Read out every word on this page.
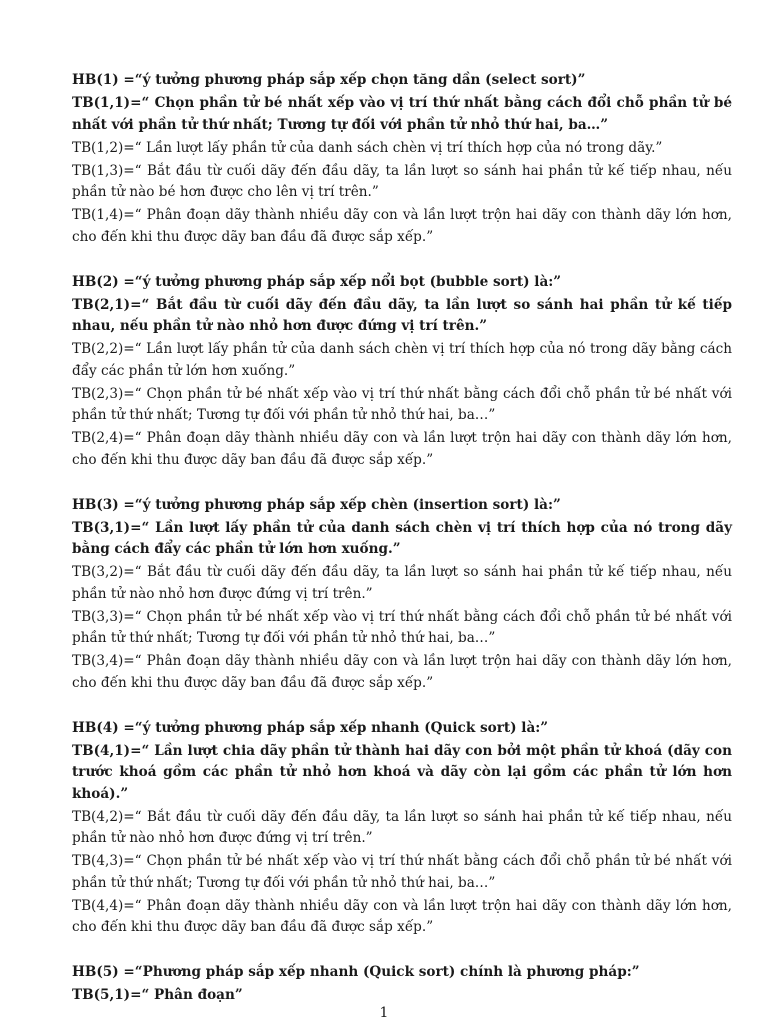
HB(1) =“ý tưởng phương pháp sắp xếp chọn tăng dần (select sort)”

TB(1,1)=“ Chọn phần tử bé nhất xếp vào vị trí thứ nhất bằng cách đổi chỗ phần tử bé nhất với phần tử thứ nhất; Tương tự đối với phần tử nhỏ thứ hai, ba…”

TB(1,2)=“ Lần lượt lấy phần tử của danh sách chèn vị trí thích hợp của nó trong dãy.”

TB(1,3)=“ Bắt đầu từ cuối dãy đến đầu dãy, ta lần lượt so sánh hai phần tử kế tiếp nhau, nếu phần tử nào bé hơn được cho lên vị trí trên.”

TB(1,4)=“ Phân đoạn dãy thành nhiều dãy con và lần lượt trộn hai dãy con thành dãy lớn hơn, cho đến khi thu được dãy ban đầu đã được sắp xếp.”

HB(2) =“ý tưởng phương pháp sắp xếp nổi bọt (bubble sort) là:”

TB(2,1)=“ Bắt đầu từ cuối dãy đến đầu dãy, ta lần lượt so sánh hai phần tử kế tiếp nhau, nếu phần tử nào nhỏ hơn được đứng vị trí trên.”

TB(2,2)=“ Lần lượt lấy phần tử của danh sách chèn vị trí thích hợp của nó trong dãy bằng cách đẩy các phần tử lớn hơn xuống.”

TB(2,3)=“ Chọn phần tử bé nhất xếp vào vị trí thứ nhất bằng cách đổi chỗ phần tử bé nhất với phần tử thứ nhất; Tương tự đối với phần tử nhỏ thứ hai, ba…”

TB(2,4)=“ Phân đoạn dãy thành nhiều dãy con và lần lượt trộn hai dãy con thành dãy lớn hơn, cho đến khi thu được dãy ban đầu đã được sắp xếp.”

HB(3) =“ý tưởng phương pháp sắp xếp chèn (insertion sort) là:”

TB(3,1)=“ Lần lượt lấy phần tử của danh sách chèn vị trí thích hợp của nó trong dãy bằng cách đẩy các phần tử lớn hơn xuống.”

TB(3,2)=“ Bắt đầu từ cuối dãy đến đầu dãy, ta lần lượt so sánh hai phần tử kế tiếp nhau, nếu phần tử nào nhỏ hơn được đứng vị trí trên.”

TB(3,3)=“ Chọn phần tử bé nhất xếp vào vị trí thứ nhất bằng cách đổi chỗ phần tử bé nhất với phần tử thứ nhất; Tương tự đối với phần tử nhỏ thứ hai, ba…”

TB(3,4)=“ Phân đoạn dãy thành nhiều dãy con và lần lượt trộn hai dãy con thành dãy lớn hơn, cho đến khi thu được dãy ban đầu đã được sắp xếp.”

HB(4) =“ý tưởng phương pháp sắp xếp nhanh (Quick sort) là:”

TB(4,1)=“ Lần lượt chia dãy phần tử thành hai dãy con bởi một phần tử khoá (dãy con trước khoá gồm các phần tử nhỏ hơn khoá và dãy còn lại gồm các phần tử lớn hơn khoá).”

TB(4,2)=“ Bắt đầu từ cuối dãy đến đầu dãy, ta lần lượt so sánh hai phần tử kế tiếp nhau, nếu phần tử nào nhỏ hơn được đứng vị trí trên.”

TB(4,3)=“ Chọn phần tử bé nhất xếp vào vị trí thứ nhất bằng cách đổi chỗ phần tử bé nhất với phần tử thứ nhất; Tương tự đối với phần tử nhỏ thứ hai, ba…”

TB(4,4)=“ Phân đoạn dãy thành nhiều dãy con và lần lượt trộn hai dãy con thành dãy lớn hơn, cho đến khi thu được dãy ban đầu đã được sắp xếp.”

HB(5) =“Phương pháp sắp xếp nhanh (Quick sort) chính là phương pháp:”

TB(5,1)=“ Phân đoạn”

1
